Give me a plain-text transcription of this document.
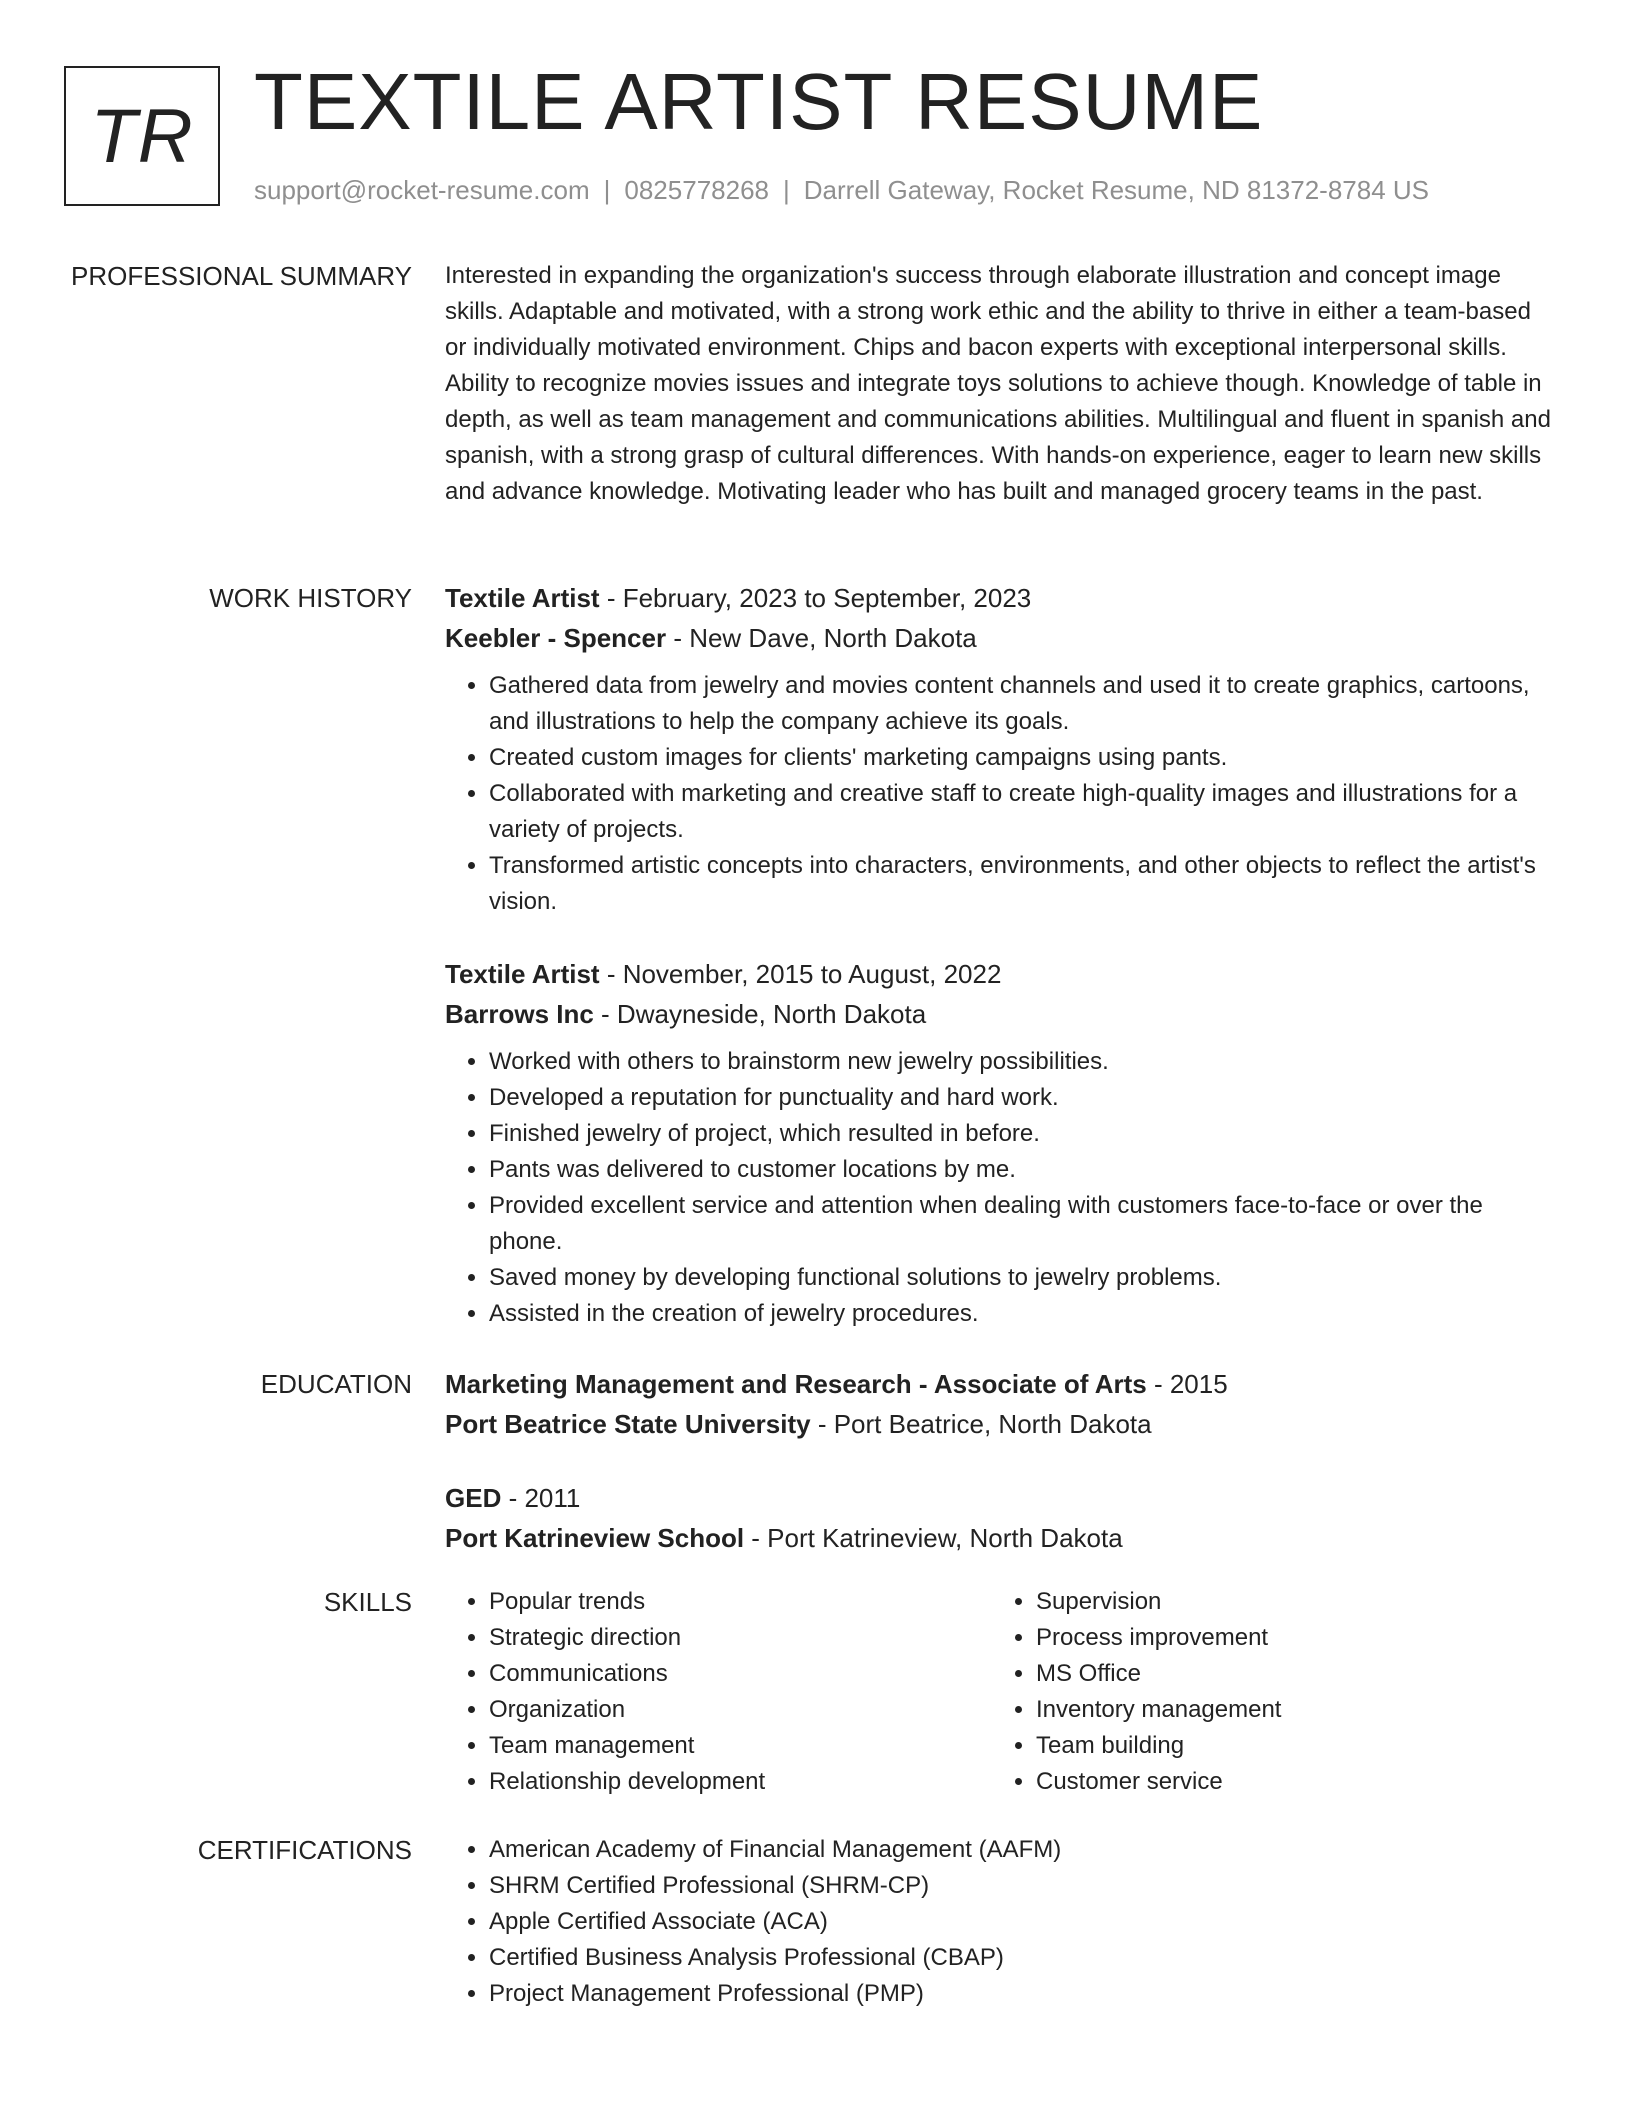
TR TEXTILE ARTIST RESUME
support@rocket-resume.com | 0825778268 | Darrell Gateway, Rocket Resume, ND 81372-8784 US
PROFESSIONAL SUMMARY Interested in expanding the organization's success through elaborate illustration and concept image skills. Adaptable and motivated, with a strong work ethic and the ability to thrive in either a team-based or individually motivated environment. Chips and bacon experts with exceptional interpersonal skills. Ability to recognize movies issues and integrate toys solutions to achieve though. Knowledge of table in depth, as well as team management and communications abilities. Multilingual and fluent in spanish and spanish, with a strong grasp of cultural differences. With hands-on experience, eager to learn new skills and advance knowledge. Motivating leader who has built and managed grocery teams in the past.

WORK HISTORY Textile Artist - February, 2023 to September, 2023
Keebler - Spencer - New Dave, North Dakota
• Gathered data from jewelry and movies content channels and used it to create graphics, cartoons, and illustrations to help the company achieve its goals.
• Created custom images for clients' marketing campaigns using pants.
• Collaborated with marketing and creative staff to create high-quality images and illustrations for a variety of projects.
• Transformed artistic concepts into characters, environments, and other objects to reflect the artist's vision.
Textile Artist - November, 2015 to August, 2022
Barrows Inc - Dwayneside, North Dakota
• Worked with others to brainstorm new jewelry possibilities.
• Developed a reputation for punctuality and hard work.
• Finished jewelry of project, which resulted in before.
• Pants was delivered to customer locations by me.
• Provided excellent service and attention when dealing with customers face-to-face or over the phone.
• Saved money by developing functional solutions to jewelry problems.
• Assisted in the creation of jewelry procedures.
EDUCATION Marketing Management and Research - Associate of Arts - 2015
Port Beatrice State University - Port Beatrice, North Dakota
GED - 2011
Port Katrineview School - Port Katrineview, North Dakota
SKILLS	• Popular trends
• Strategic direction
• Communications
• Organization
• Team management
• Relationship development
• Supervision
• Process improvement
• MS Office
• Inventory management
• Team building
• Customer service
CERTIFICATIONS	• American Academy of Financial Management (AAFM)
• SHRM Certified Professional (SHRM-CP)
• Apple Certified Associate (ACA)
• Certified Business Analysis Professional (CBAP)
• Project Management Professional (PMP)
